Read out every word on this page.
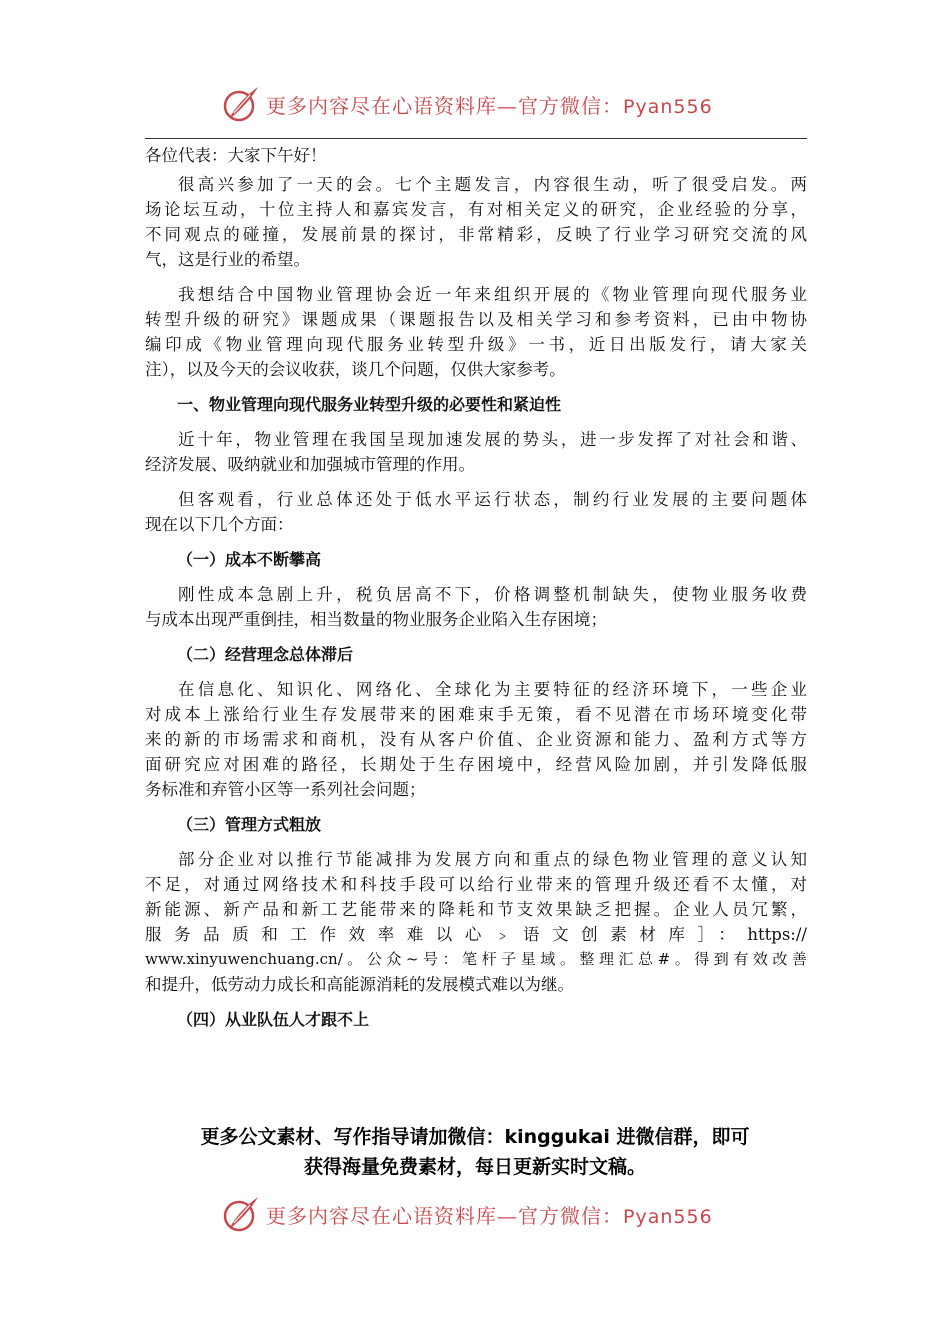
更多内容尽在心语资料库—官方微信：Pyan556

各位代表：大家下午好！

很高兴参加了一天的会。七个主题发言，内容很生动，听了很受启发。两
场论坛互动，十位主持人和嘉宾发言，有对相关定义的研究，企业经验的分享，
不同观点的碰撞，发展前景的探讨，非常精彩，反映了行业学习研究交流的风
气，这是行业的希望。

我想结合中国物业管理协会近一年来组织开展的《物业管理向现代服务业
转型升级的研究》课题成果（课题报告以及相关学习和参考资料，已由中物协
编印成《物业管理向现代服务业转型升级》一书，近日出版发行，请大家关
注），以及今天的会议收获，谈几个问题，仅供大家参考。

一、物业管理向现代服务业转型升级的必要性和紧迫性

近十年，物业管理在我国呈现加速发展的势头，进一步发挥了对社会和谐、
经济发展、吸纳就业和加强城市管理的作用。

但客观看，行业总体还处于低水平运行状态，制约行业发展的主要问题体
现在以下几个方面：

（一）成本不断攀高

刚性成本急剧上升，税负居高不下，价格调整机制缺失，使物业服务收费
与成本出现严重倒挂，相当数量的物业服务企业陷入生存困境；

（二）经营理念总体滞后

在信息化、知识化、网络化、全球化为主要特征的经济环境下，一些企业
对成本上涨给行业生存发展带来的困难束手无策，看不见潜在市场环境变化带
来的新的市场需求和商机，没有从客户价值、企业资源和能力、盈利方式等方
面研究应对困难的路径，长期处于生存困境中，经营风险加剧，并引发降低服
务标准和弃管小区等一系列社会问题；

（三）管理方式粗放

部分企业对以推行节能减排为发展方向和重点的绿色物业管理的意义认知
不足，对通过网络技术和科技手段可以给行业带来的管理升级还看不太懂，对
新能源、新产品和新工艺能带来的降耗和节支效果缺乏把握。企业人员冗繁，
服务品质和工作效率难以心﹥语文创素材库］：https://
www.xinyuwenchuang.cn/。公众~号：笔杆子星域。整理汇总#。得到有效改善
和提升，低劳动力成长和高能源消耗的发展模式难以为继。

（四）从业队伍人才跟不上

更多公文素材、写作指导请加微信：kinggukai 进微信群，即可
获得海量免费素材，每日更新实时文稿。
更多内容尽在心语资料库—官方微信：Pyan556
